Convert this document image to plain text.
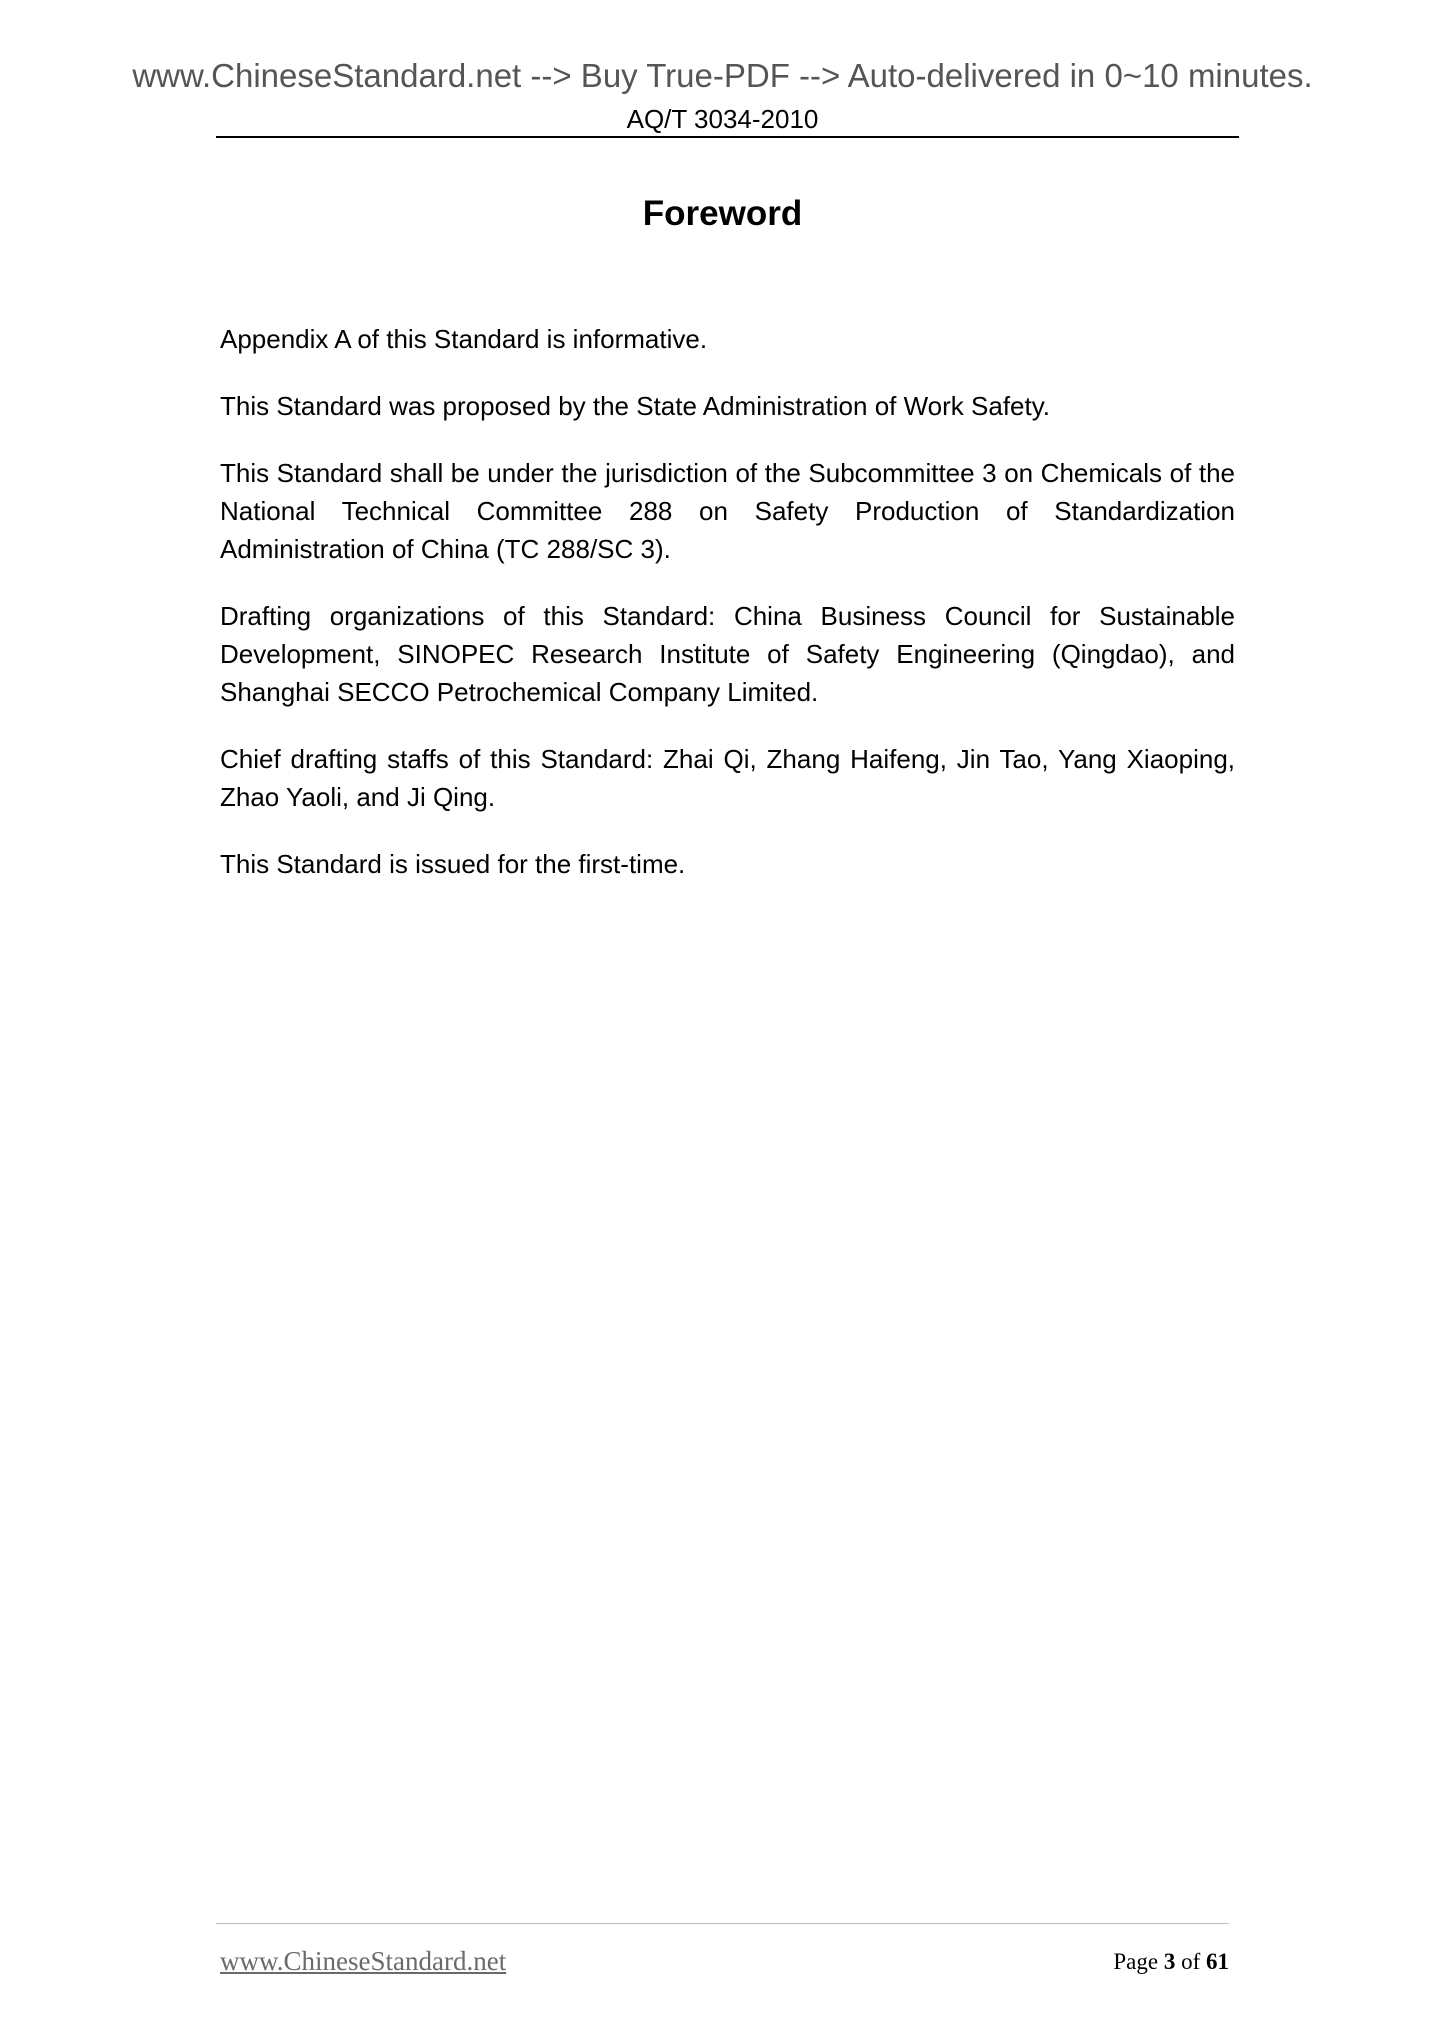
www.ChineseStandard.net --> Buy True-PDF --> Auto-delivered in 0~10 minutes.
AQ/T 3034-2010
Foreword

Appendix A of this Standard is informative.

This Standard was proposed by the State Administration of Work Safety.

This Standard shall be under the jurisdiction of the Subcommittee 3 on Chemicals of the National Technical Committee 288 on Safety Production of Standardization Administration of China (TC 288/SC 3).

Drafting organizations of this Standard: China Business Council for Sustainable Development, SINOPEC Research Institute of Safety Engineering (Qingdao), and Shanghai SECCO Petrochemical Company Limited.

Chief drafting staffs of this Standard: Zhai Qi, Zhang Haifeng, Jin Tao, Yang Xiaoping, Zhao Yaoli, and Ji Qing.

This Standard is issued for the first-time.

www.ChineseStandard.net	Page 3 of 61
